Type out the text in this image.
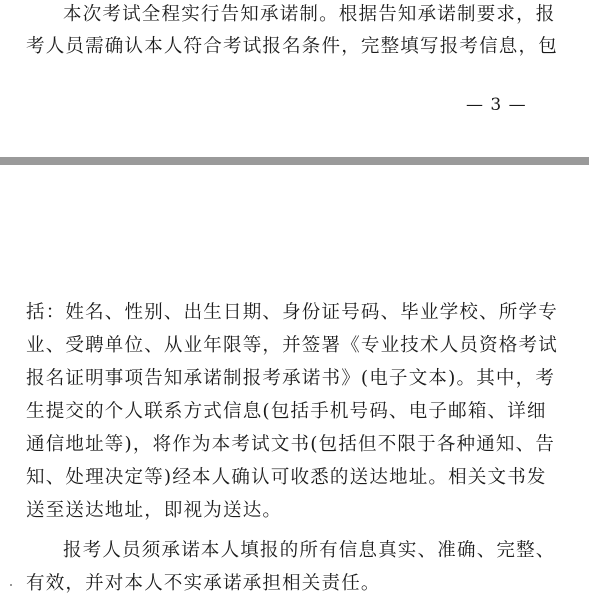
本次考试全程实行告知承诺制。根据告知承诺制要求，报
考人员需确认本人符合考试报名条件，完整填写报考信息，包
— 3 —
括：姓名、性别、出生日期、身份证号码、毕业学校、所学专
业、受聘单位、从业年限等，并签署《专业技术人员资格考试
报名证明事项告知承诺制报考承诺书》(电子文本)。其中，考
生提交的个人联系方式信息(包括手机号码、电子邮箱、详细
通信地址等)，将作为本考试文书(包括但不限于各种通知、告
知、处理决定等)经本人确认可收悉的送达地址。相关文书发
送至送达地址，即视为送达。
报考人员须承诺本人填报的所有信息真实、准确、完整、
有效，并对本人不实承诺承担相关责任。
